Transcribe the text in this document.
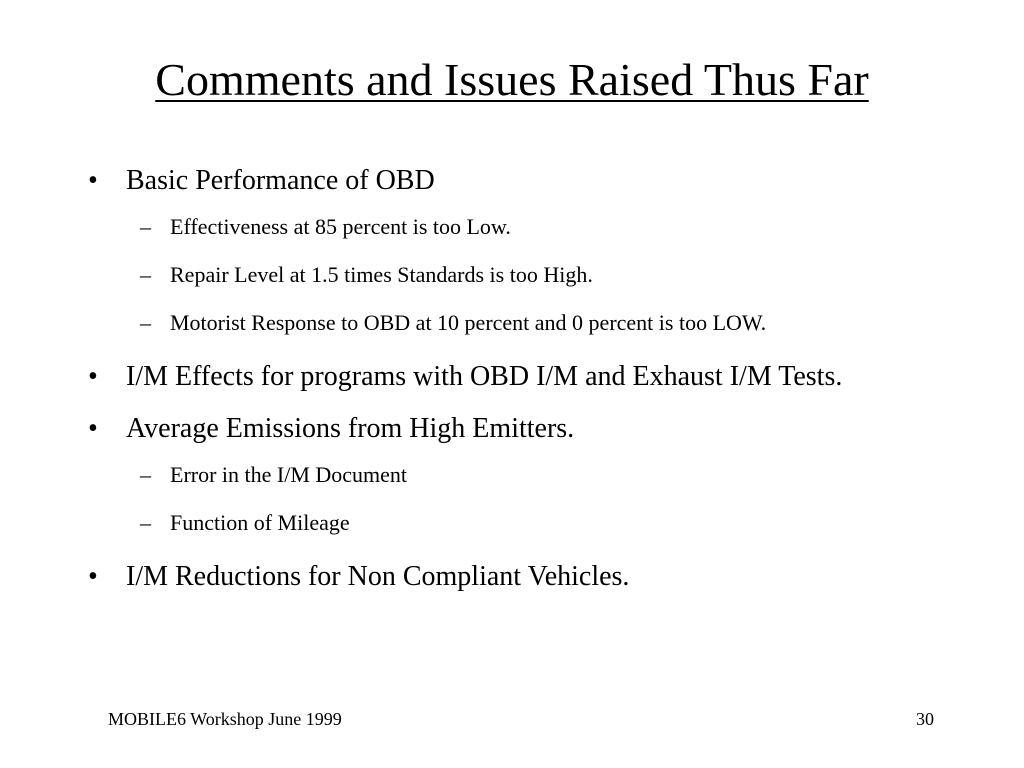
Comments and Issues Raised Thus Far
•	Basic Performance of OBD
– Effectiveness at 85 percent is too Low.
– Repair Level at 1.5 times Standards is too High.
– Motorist Response to OBD at 10 percent and 0 percent is too LOW.
•	I/M Effects for programs with OBD I/M and Exhaust I/M Tests.
•	Average Emissions from High Emitters.
– Error in the I/M Document
– Function of Mileage
•	I/M Reductions for Non Compliant Vehicles.
MOBILE6 Workshop June 1999	30
